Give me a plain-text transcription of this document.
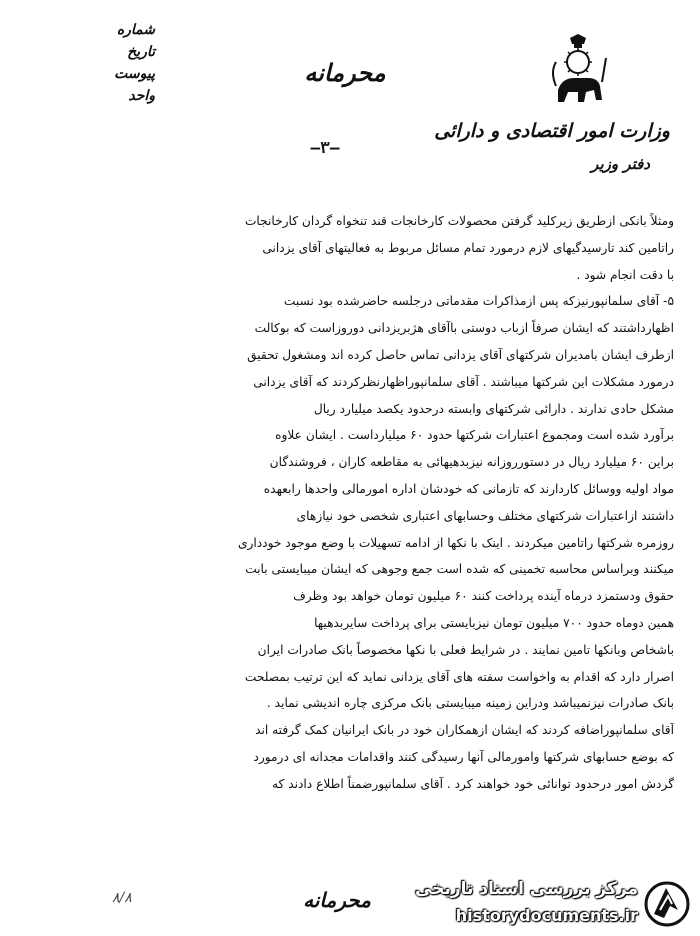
وزارت امور اقتصادی و دارائی
دفتر وزیر
شماره
تاریخ
پیوست
واحد
محرمانه
—۳—
ومثلاً بانکی ازطریق زیرکلید گرفتن محصولات کارخانجات قند تنخواه گردان کارخانجات
راتامین کند تارسیدگیهای لازم درمورد تمام مسائل مربوط به فعالیتهای آقای یزدانی
با دقت انجام شود .
۵- آقای سلمانپورنیزکه پس ازمذاکرات مقدماتی درجلسه حاضرشده بود نسبت
اظهارداشتند که ایشان صرفاً ازباب دوستی باآقای هژبریزدانی دوروزاست که بوکالت
ازطرف ایشان بامدیران شرکتهای آقای یزدانی تماس حاصل کرده اند ومشغول تحقیق
درمورد مشکلات این شرکتها میباشند . آقای سلمانپوراظهارنظرکردند که آقای یزدانی
مشکل حادی ندارند . دارائی شرکتهای وابسته درحدود یکصد میلیارد ریال
برآورد شده است ومجموع اعتبارات شرکتها حدود ۶۰ میلیارداست . ایشان علاوه
براین ۶۰ میلیارد ریال در دستورروزانه نیزبدهیهائی به مقاطعه کاران ، فروشندگان
مواد اولیه ووسائل کاردارند که تازمانی که خودشان اداره امورمالی واحدها رابعهده
داشتند ازاعتبارات شرکتهای مختلف وحسابهای اعتباری شخصی خود نیازهای
روزمره شرکتها راتامین میکردند . اینک با نکها از ادامه تسهیلات با وضع موجود خودداری
میکنند وبراساس محاسبه تخمینی که شده است جمع وجوهی که ایشان میبایستی بابت
حقوق ودستمزد درماه آینده پرداخت کنند ۶۰ میلیون تومان خواهد بود وظرف
همین دوماه حدود ۷۰۰ میلیون تومان نیزبایستی برای پرداخت سایربدهیها
باشخاص وبانکها تامین نمایند . در شرایط فعلی با نکها مخصوصاً بانک صادرات ایران
اصرار دارد که اقدام به واخواست سفته های آقای یزدانی نماید که این ترتیب بمصلحت
بانک صادرات نیزنمیباشد ودراین زمینه میبایستی بانک مرکزی چاره اندیشی نماید .
آقای سلمانپوراضافه کردند که ایشان ازهمکاران خود در بانک ایرانیان کمک گرفته اند
که بوضع حسابهای شرکتها وامورمالی آنها رسیدگی کنند واقدامات مجدانه ای درمورد
گردش امور درحدود توانائی خود خواهند کرد . آقای سلمانپورضمناً اطلاع دادند که
۸/۸	محرمانه	مرکز بررسی اسناد تاریخی
historydocuments.ir
